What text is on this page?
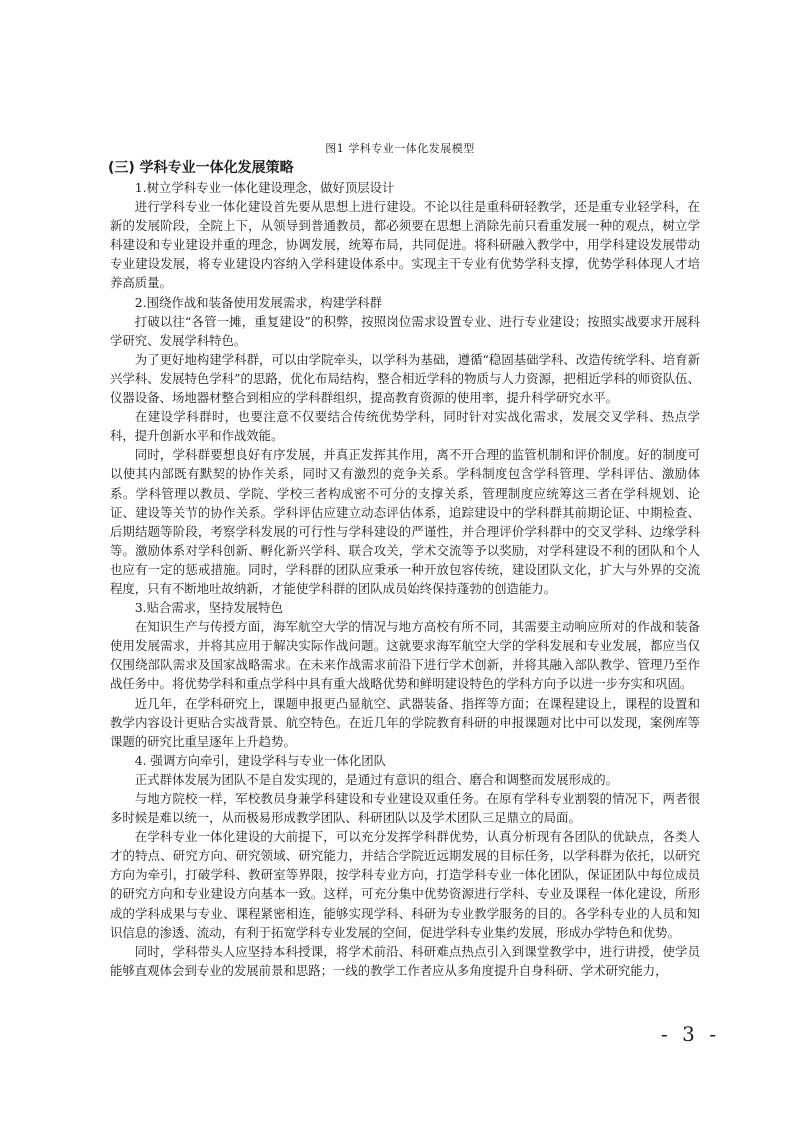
图1 学科专业一体化发展模型
(三) 学科专业一体化发展策略

1.树立学科专业一体化建设理念，做好顶层设计

进行学科专业一体化建设首先要从思想上进行建设。不论以往是重科研轻教学，还是重专业轻学科，在新的发展阶段，全院上下，从领导到普通教员，都必须要在思想上消除先前只看重发展一种的观点，树立学科建设和专业建设并重的理念，协调发展，统筹布局，共同促进。将科研融入教学中，用学科建设发展带动专业建设发展，将专业建设内容纳入学科建设体系中。实现主干专业有优势学科支撑，优势学科体现人才培养高质量。

2.围绕作战和装备使用发展需求，构建学科群

打破以往“各管一摊，重复建设”的积弊，按照岗位需求设置专业、进行专业建设；按照实战要求开展科学研究、发展学科特色。

为了更好地构建学科群，可以由学院牵头，以学科为基础，遵循“稳固基础学科、改造传统学科、培育新兴学科、发展特色学科”的思路，优化布局结构，整合相近学科的物质与人力资源，把相近学科的师资队伍、仪器设备、场地器材整合到相应的学科群组织，提高教育资源的使用率，提升科学研究水平。

在建设学科群时，也要注意不仅要结合传统优势学科，同时针对实战化需求，发展交叉学科、热点学科，提升创新水平和作战效能。

同时，学科群要想良好有序发展，并真正发挥其作用，离不开合理的监管机制和评价制度。好的制度可以使其内部既有默契的协作关系，同时又有激烈的竞争关系。学科制度包含学科管理、学科评估、激励体系。学科管理以教员、学院、学校三者构成密不可分的支撑关系，管理制度应统筹这三者在学科规划、论证、建设等关节的协作关系。学科评估应建立动态评估体系，追踪建设中的学科群其前期论证、中期检查、后期结题等阶段，考察学科发展的可行性与学科建设的严谨性，并合理评价学科群中的交叉学科、边缘学科等。激励体系对学科创新、孵化新兴学科、联合攻关，学术交流等予以奖励，对学科建设不利的团队和个人也应有一定的惩戒措施。同时，学科群的团队应秉承一种开放包容传统，建设团队文化，扩大与外界的交流程度，只有不断地吐故纳新，才能使学科群的团队成员始终保持蓬勃的创造能力。

3.贴合需求，坚持发展特色

在知识生产与传授方面，海军航空大学的情况与地方高校有所不同，其需要主动响应所对的作战和装备使用发展需求，并将其应用于解决实际作战问题。这就要求海军航空大学的学科发展和专业发展，都应当仅仅围绕部队需求及国家战略需求。在未来作战需求前沿下进行学术创新，并将其融入部队教学、管理乃至作战任务中。将优势学科和重点学科中具有重大战略优势和鲜明建设特色的学科方向予以进一步夯实和巩固。

近几年，在学科研究上，课题申报更凸显航空、武器装备、指挥等方面；在课程建设上，课程的设置和教学内容设计更贴合实战背景、航空特色。在近几年的学院教育科研的申报课题对比中可以发现，案例库等课题的研究比重呈逐年上升趋势。

4. 强调方向牵引，建设学科与专业一体化团队

正式群体发展为团队不是自发实现的，是通过有意识的组合、磨合和调整而发展形成的。

与地方院校一样，军校教员身兼学科建设和专业建设双重任务。在原有学科专业割裂的情况下，两者很多时候是难以统一，从而极易形成教学团队、科研团队以及学术团队三足鼎立的局面。

在学科专业一体化建设的大前提下，可以充分发挥学科群优势，认真分析现有各团队的优缺点，各类人才的特点、研究方向、研究领域、研究能力，并结合学院近远期发展的目标任务，以学科群为依托，以研究方向为牵引，打破学科、教研室等界限，按学科专业方向，打造学科专业一体化团队，保证团队中每位成员的研究方向和专业建设方向基本一致。这样，可充分集中优势资源进行学科、专业及课程一体化建设，所形成的学科成果与专业、课程紧密相连，能够实现学科、科研为专业教学服务的目的。各学科专业的人员和知识信息的渗透、流动，有利于拓宽学科专业发展的空间，促进学科专业集约发展，形成办学特色和优势。

同时，学科带头人应坚持本科授课，将学术前沿、科研难点热点引入到课堂教学中，进行讲授，使学员能够直观体会到专业的发展前景和思路；一线的教学工作者应从多角度提升自身科研、学术研究能力，

- 3 -
